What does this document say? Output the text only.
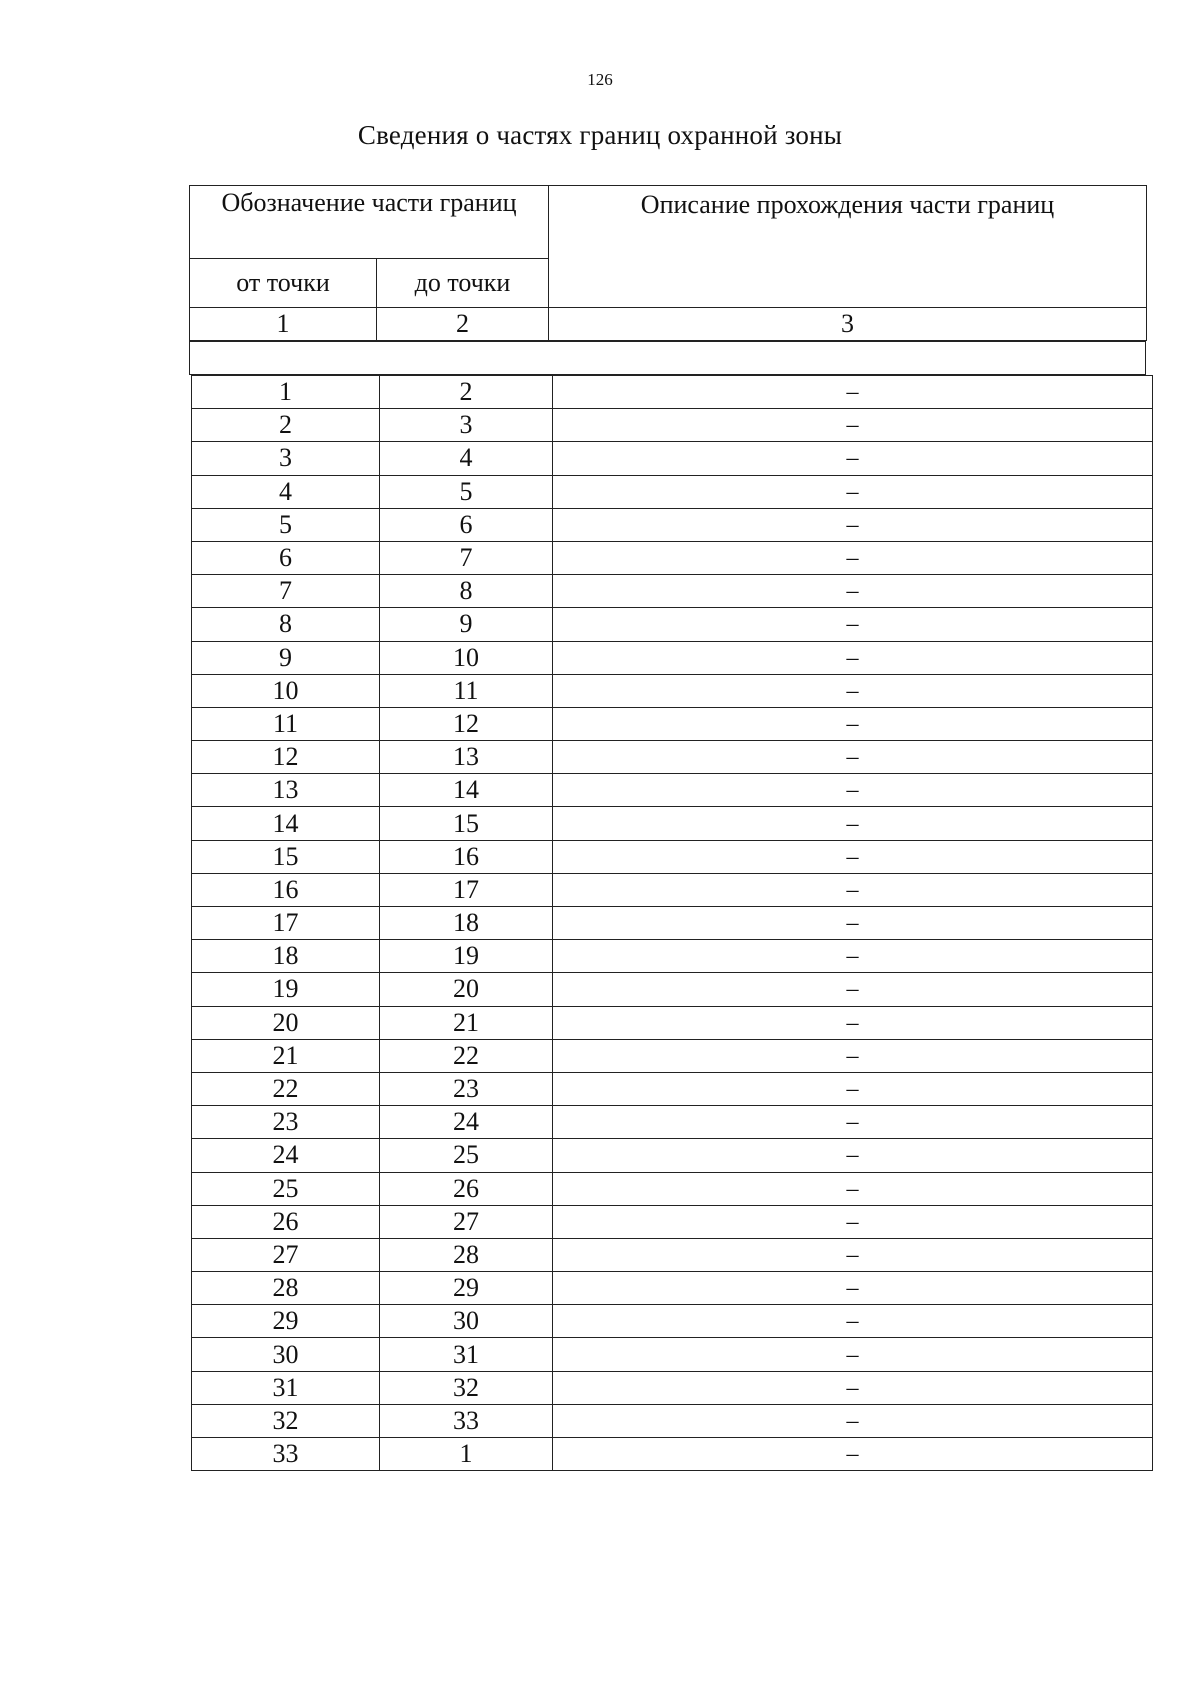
126
Сведения о частях границ охранной зоны
Обозначение части границ		Описание прохождения части границ
от точки	до точки	
1	2	3
1	2	–
2	3	–
3	4	–
4	5	–
5	6	–
6	7	–
7	8	–
8	9	–
9	10	–
10	11	–
11	12	–
12	13	–
13	14	–
14	15	–
15	16	–
16	17	–
17	18	–
18	19	–
19	20	–
20	21	–
21	22	–
22	23	–
23	24	–
24	25	–
25	26	–
26	27	–
27	28	–
28	29	–
29	30	–
30	31	–
31	32	–
32	33	–
33	1	–
